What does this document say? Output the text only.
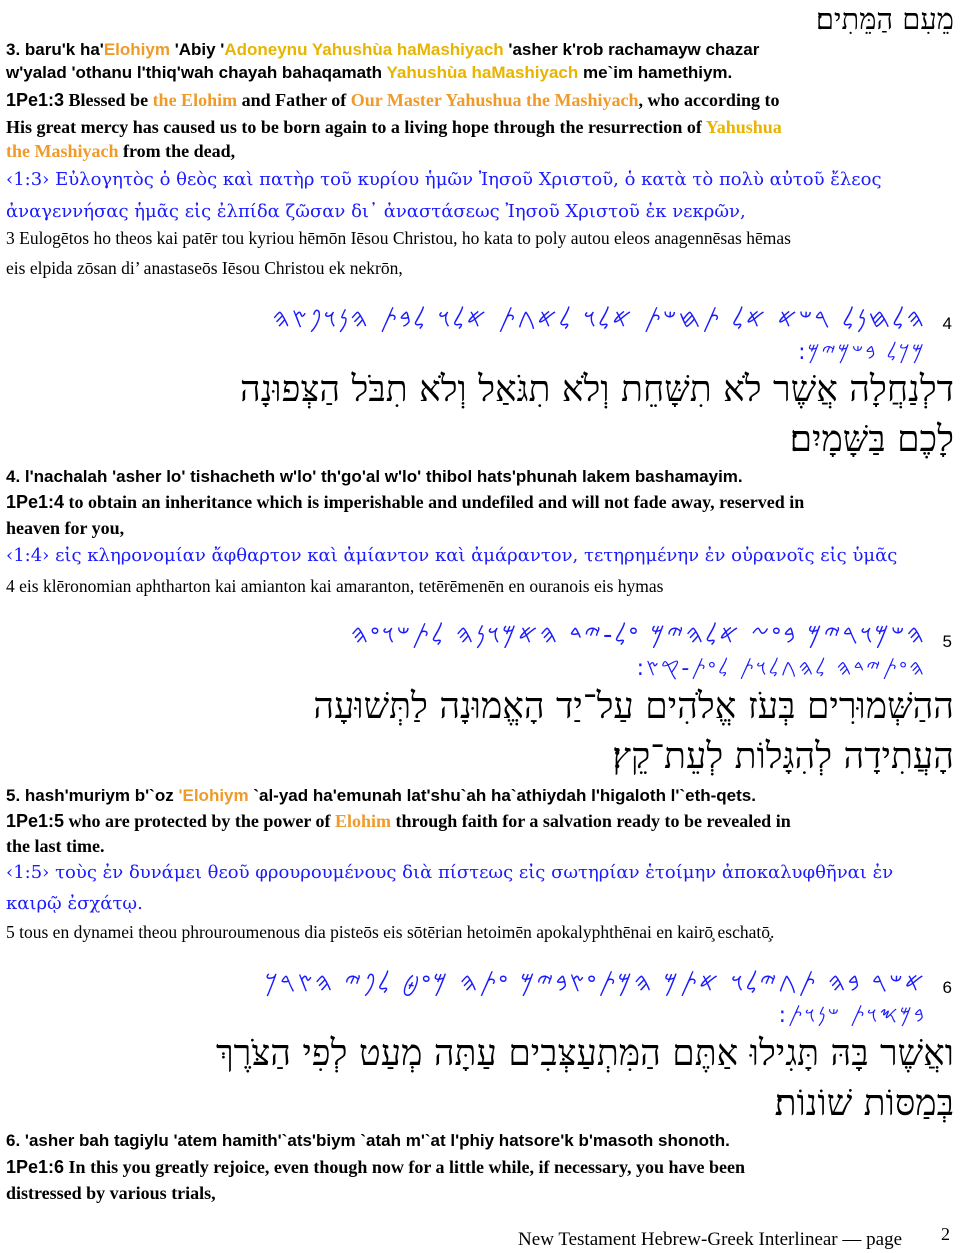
מֵעִם הַמֵּתִים׃
3. baru'k ha'Elohiym 'Abiy 'Adoneynu Yahushùa haMashiyach 'asher k'rob rachamayw chazar
w'yalad 'othanu l'thiq'wah chayah bahaqamath Yahushùa haMashiyach me`im hamethiym.
1Pe1:3 Blessed be the Elohim and Father of Our Master Yahushua the Mashiyach, who according to
His great mercy has caused us to be born again to a living hope through the resurrection of Yahushua
the Mashiyach from the dead,
‹1:3› Εὐλογητὸς ὁ θεὸς καὶ πατὴρ τοῦ κυρίου ἡμῶν Ἰησοῦ Χριστοῦ, ὁ κατὰ τὸ πολὺ αὐτοῦ ἔλεος
ἀναγεννήσας ἡμᾶς εἰς ἐλπίδα ζῶσαν δι᾽ ἀναστάσεως Ἰησοῦ Χριστοῦ ἐκ νεκρῶν,
3 Eulogētos ho theos kai patēr tou kyriou hēmōn Iēsou Christou, ho kata to poly autou eleos anagennēsas hēmas
eis elpida zōsan di’ anastaseōs Iēsou Christou ek nekrōn,
4
𐤄𐤋𐤇𐤍𐤋 𐤓𐤔𐤀 𐤀𐤋 𐤕𐤇𐤔𐤕 𐤀𐤋𐤅 𐤋𐤀𐤂𐤕 𐤀𐤋𐤅 𐤋𐤁𐤕 𐤄𐤍𐤅𐤐𐤑𐤄
𐤌𐤊𐤋 𐤁𐤔𐤌𐤉𐤌:
דלְנַחֲלָה אֲשֶׁר לֹא תִשָּׁחֵת וְלֹא תִגֹּאַל וְלֹא תִבֹּל הַצְּפוּנָה
לָכֶם בַּשָּׁמָיִם׃
4. l'nachalah 'asher lo' tishacheth w'lo' th'go'al w'lo' thibol hats'phunah lakem bashamayim.
1Pe1:4 to obtain an inheritance which is imperishable and undefiled and will not fade away, reserved in
heaven for you,
‹1:4› εἰς κληρονομίαν ἄφθαρτον καὶ ἀμίαντον καὶ ἀμάραντον, τετηρημένην ἐν οὐρανοῖς εἰς ὑμᾶς
4 eis klēronomian aphtharton kai amianton kai amaranton, tetērēmenēn en ouranois eis hymas
5
𐤄𐤔𐤌𐤅𐤓𐤉𐤌 𐤁𐤏𐤆 𐤀𐤋𐤄𐤉𐤌 𐤏𐤋-𐤉𐤃 𐤄𐤀𐤌𐤅𐤍𐤄 𐤋𐤕𐤔𐤅𐤏𐤄
𐤄𐤏𐤕𐤉𐤃𐤄 𐤋𐤄𐤂𐤋𐤅𐤕 𐤋𐤏𐤕-𐤒𐤑:
ההַשְּׁמוּרִים בְּעֹז אֱלֹהִים עַל־יַד הָאֱמוּנָה לַתְּשׁוּעָה
הָעֲתִידָה לְהִגָּלוֹת לְעֵת־קֵץ׃
5. hash'muriym b'`oz 'Elohiym `al-yad ha'emunah lat'shu`ah ha`athiydah l'higaloth l'`eth-qets.
1Pe1:5 who are protected by the power of Elohim through faith for a salvation ready to be revealed in
the last time.
‹1:5› τοὺς ἐν δυνάμει θεοῦ φρουρουμένους διὰ πίστεως εἰς σωτηρίαν ἑτοίμην ἀποκαλυφθῆναι ἐν
καιρῷ ἐσχάτῳ.
5 tous en dynamei theou phrouroumenous dia pisteōs eis sōtērian hetoimēn apokalyphthēnai en kairō̧ eschatō̧.
6
𐤀𐤔𐤓 𐤁𐤄 𐤕𐤂𐤉𐤋𐤅 𐤀𐤕𐤌 𐤄𐤌𐤕𐤏𐤑𐤁𐤉𐤌 𐤏𐤕𐤄 𐤌𐤏𐤈 𐤋𐤐𐤉 𐤄𐤑𐤓𐤊
𐤁𐤌𐤎𐤅𐤕 𐤔𐤍𐤅𐤕:
ואֲשֶׁר בָּהּ תָּגִילוּ אַתֶּם הַמִּתְעַצְּבִים עַתָּה מְעַט לְפִי הַצֹּרֶךְ
בְּמַסּוֹת שׁוֹנוֹת׃
6. 'asher bah tagiylu 'atem hamith'`ats'biym `atah m'`at l'phiy hatsore'k b'masoth shonoth.
1Pe1:6 In this you greatly rejoice, even though now for a little while, if necessary, you have been
distressed by various trials,
New Testament Hebrew-Greek Interlinear — page 2
